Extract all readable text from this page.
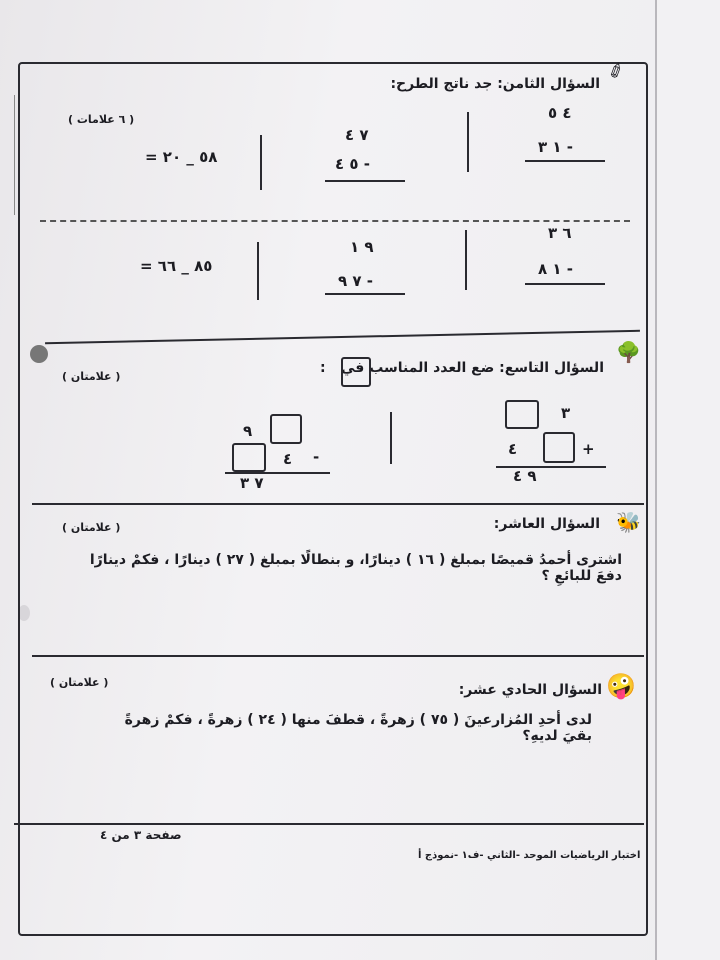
السؤال الثامن: جد ناتج الطرح:
✏
( ٦ علامات )	٤ ٥
١ ٣ -
٧ ٤
٥ ٤ -
٥٨ _ ٢٠ =
٦ ٣
١ ٨ -
٩ ١
٧ ٩ -
٨٥ _ ٦٦ =
السؤال التاسع: ضع العدد المناسب في
:
🌳
( علامتان )
٣
٤	+
٩ ٤
٩
٤ -
٧ ٣
السؤال العاشر: 🐝
( علامتان )
اشترى أحمدُ قميصًا بمبلغ ( ١٦ ) دينارًا، و بنطالًا بمبلغ ( ٢٧ ) دينارًا ، فكمْ دينارًا دفعَ للبائعِ ؟
السؤال الحادي عشر: 🤪
( علامتان )
لدى أحدِ المُزارعينَ ( ٧٥ ) زهرةً ، قطفَ منها ( ٢٤ ) زهرةً ، فكمْ زهرةً بقيَ لديهِ؟
صفحة ٣ من ٤
اختبار الرياضيات الموحد -الثاني -ف١ -نموذج أ
